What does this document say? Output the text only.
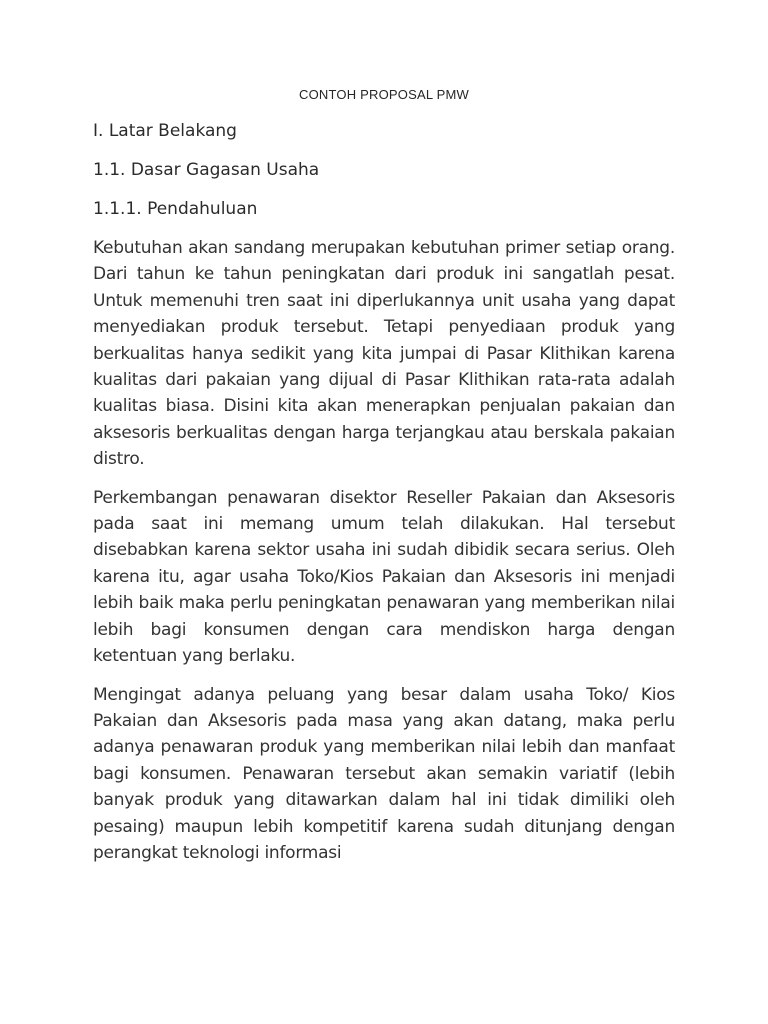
CONTOH PROPOSAL PMW
I. Latar Belakang
1.1. Dasar Gagasan Usaha
1.1.1. Pendahuluan

Kebutuhan akan sandang merupakan kebutuhan primer setiap orang. Dari tahun ke tahun peningkatan dari produk ini sangatlah pesat. Untuk memenuhi tren saat ini diperlukannya unit usaha yang dapat menyediakan produk tersebut. Tetapi penyediaan produk yang berkualitas hanya sedikit yang kita jumpai di Pasar Klithikan karena kualitas dari pakaian yang dijual di Pasar Klithikan rata-rata adalah kualitas biasa. Disini kita akan menerapkan penjualan pakaian dan aksesoris berkualitas dengan harga terjangkau atau berskala pakaian distro.

Perkembangan penawaran disektor Reseller Pakaian dan Aksesoris pada saat ini memang umum telah dilakukan. Hal tersebut disebabkan karena sektor usaha ini sudah dibidik secara serius. Oleh karena itu, agar usaha Toko/Kios Pakaian dan Aksesoris ini menjadi lebih baik maka perlu peningkatan penawaran yang memberikan nilai lebih bagi konsumen dengan cara mendiskon harga dengan ketentuan yang berlaku.

Mengingat adanya peluang yang besar dalam usaha Toko/ Kios Pakaian dan Aksesoris pada masa yang akan datang, maka perlu adanya penawaran produk yang memberikan nilai lebih dan manfaat bagi konsumen. Penawaran tersebut akan semakin variatif (lebih banyak produk yang ditawarkan dalam hal ini tidak dimiliki oleh pesaing) maupun lebih kompetitif karena sudah ditunjang dengan perangkat teknologi informasi
